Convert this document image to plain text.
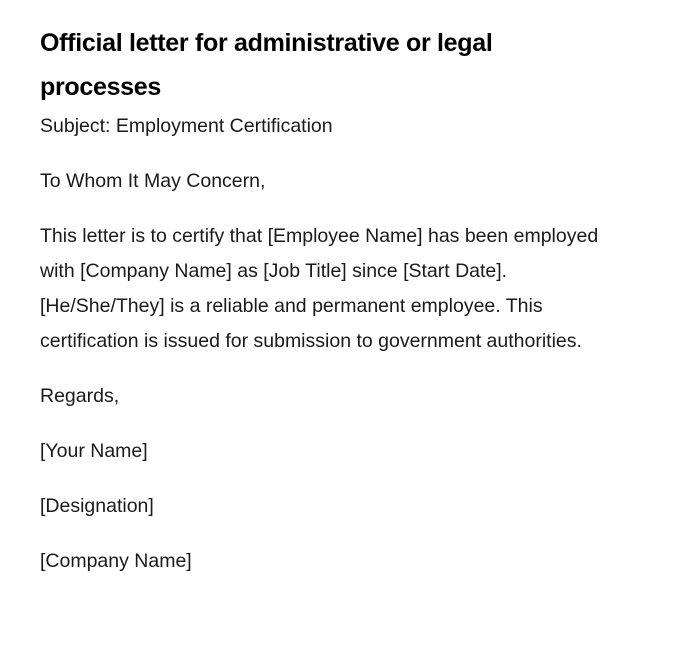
Official letter for administrative or legal processes

Subject: Employment Certification

To Whom It May Concern,

This letter is to certify that [Employee Name] has been employed with [Company Name] as [Job Title] since [Start Date]. [He/She/They] is a reliable and permanent employee. This certification is issued for submission to government authorities.

Regards,

[Your Name]

[Designation]

[Company Name]
